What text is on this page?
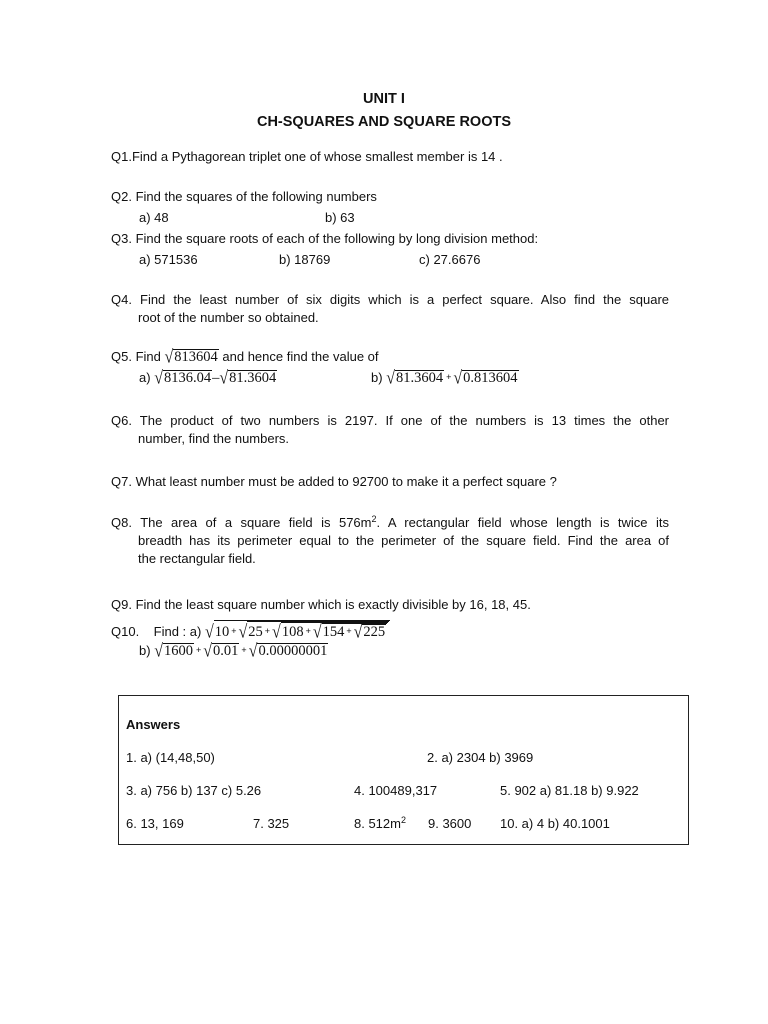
UNIT I
CH-SQUARES AND SQUARE ROOTS
Q1.Find a Pythagorean triplet one of whose smallest member is 14 .
Q2. Find the squares of the following numbers
a) 48	b) 63
Q3. Find the square roots of each of the following by long division method:
a) 571536	b) 18769	c) 27.6676
Q4. Find the least number of six digits which is a perfect square. Also find the square
root of the number so obtained.
Q5. Find √813604 and hence find the value of
a) √8136.04–√81.3604	b) √81.3604 + √0.813604
Q6. The product of two numbers is 2197. If one of the numbers is 13 times the other
number, find the numbers.
Q7. What least number must be added to 92700 to make it a perfect square ?
Q8. The area of a square field is $576m^2$. A rectangular field whose length is twice its
breadth has its perimeter equal to the perimeter of the square field. Find the area of
the rectangular field.
Q9. Find the least square number which is exactly divisible by 16, 18, 45.
Q10. Find : a) √10 + √25 + √108 + √154 + √225
b) √1600 + √0.01 + √0.00000001
Answers
1. a) (14,48,50)	2. a) 2304 b) 3969
3. a) 756 b) 137 c) 5.26	4. 100489,317	5. 902 a) 81.18 b) 9.922
6. 13, 169	7. 325	8. $512m^2$ 9. 3600 10. a) 4 b) 40.1001
